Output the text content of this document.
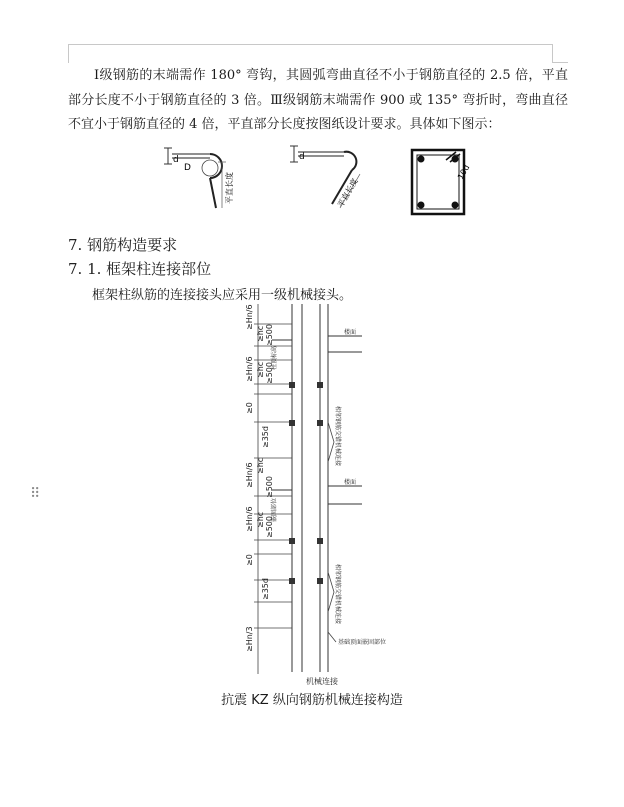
Ⅰ级钢筋的末端需作 180° 弯钩，其圆弧弯曲直径不小于钢筋直径的 2.5 倍，平直部分长度不小于钢筋直径的 3 倍。Ⅲ级钢筋末端需作 900 或 135° 弯折时，弯曲直径不宜小于钢筋直径的 4 倍，平直部分长度按图纸设计要求。具体如下图示：

d
D
平直长度
d
平直长度
10d
7. 钢筋构造要求
7. 1. 框架柱连接部位
框架柱纵筋的连接接头应采用一级机械接头。
⠿
≥Hn/6
≥hc ≥500
≥Hn/6 ≥hc ≥500
≥0
≥35d
≥Hn/6 ≥hc
≥500
≥Hn/6 ≥hc ≥500
≥0
≥35d
≥Hn/3
楼面
柱顶标高
相邻钢筋交错机械连接
楼面
嵌固部位
相邻钢筋交错机械连接
基础顶面嵌固部位
机械连接
抗震 KZ 纵向钢筋机械连接构造
